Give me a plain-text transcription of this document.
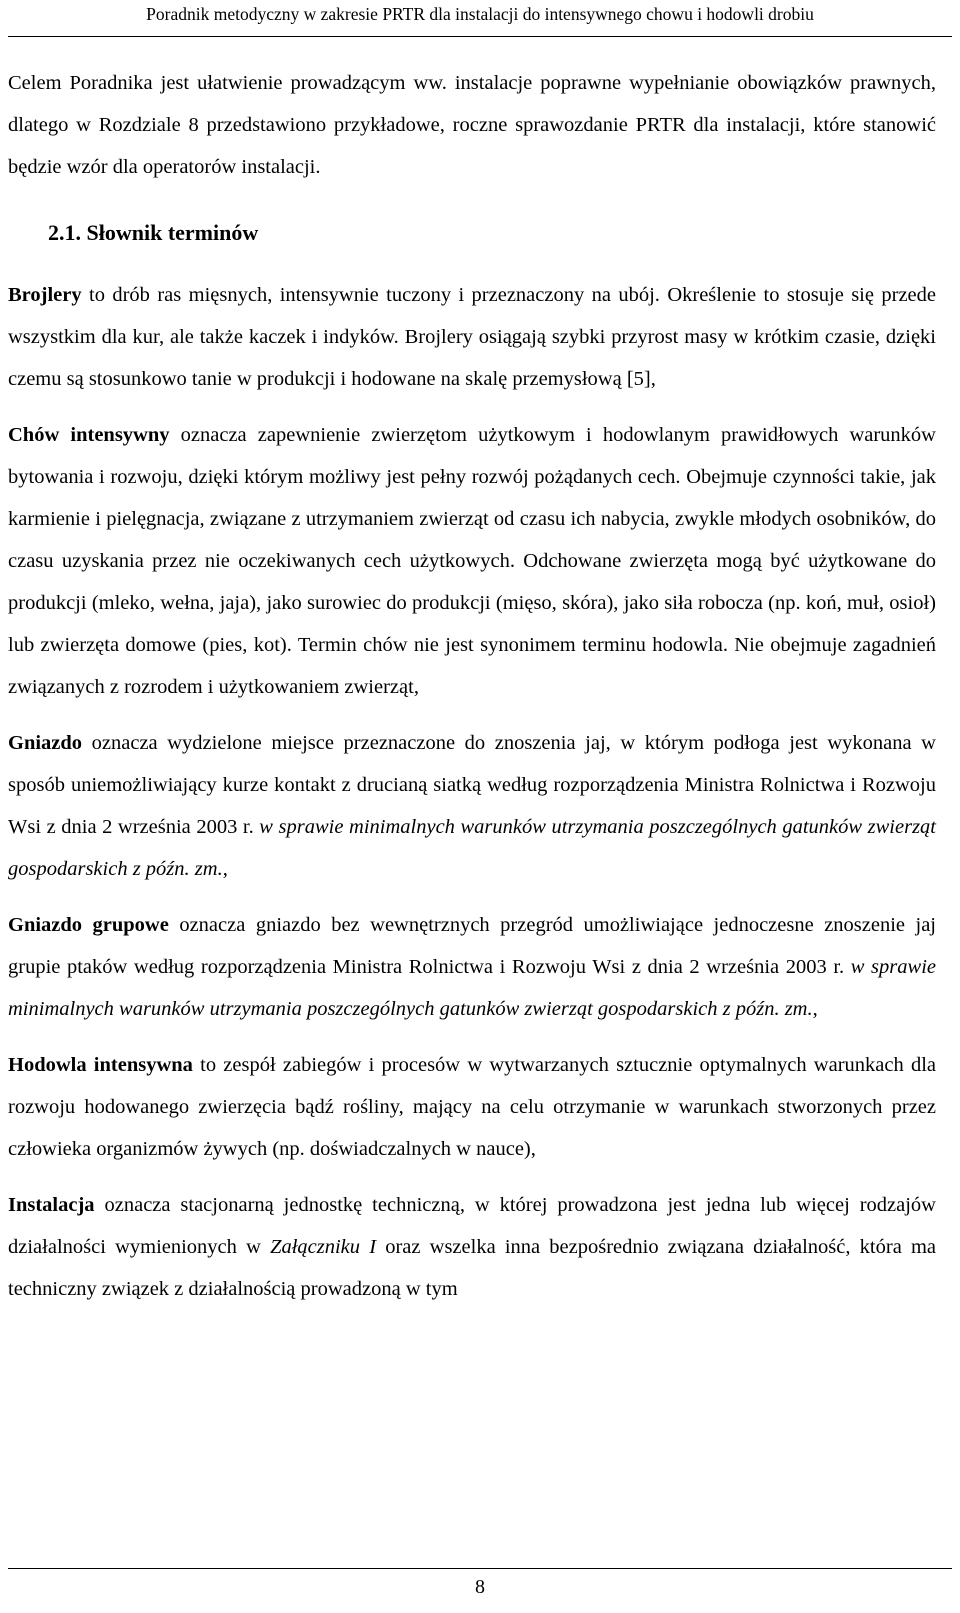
Poradnik metodyczny w zakresie PRTR dla instalacji do intensywnego chowu i hodowli drobiu

Celem Poradnika jest ułatwienie prowadzącym ww. instalacje poprawne wypełnianie obowiązków prawnych, dlatego w Rozdziale 8 przedstawiono przykładowe, roczne sprawozdanie PRTR dla instalacji, które stanowić będzie wzór dla operatorów instalacji.

2.1. Słownik terminów

Brojlery to drób ras mięsnych, intensywnie tuczony i przeznaczony na ubój. Określenie to stosuje się przede wszystkim dla kur, ale także kaczek i indyków. Brojlery osiągają szybki przyrost masy w krótkim czasie, dzięki czemu są stosunkowo tanie w produkcji i hodowane na skalę przemysłową [5],

Chów intensywny oznacza zapewnienie zwierzętom użytkowym i hodowlanym prawidłowych warunków bytowania i rozwoju, dzięki którym możliwy jest pełny rozwój pożądanych cech. Obejmuje czynności takie, jak karmienie i pielęgnacja, związane z utrzymaniem zwierząt od czasu ich nabycia, zwykle młodych osobników, do czasu uzyskania przez nie oczekiwanych cech użytkowych. Odchowane zwierzęta mogą być użytkowane do produkcji (mleko, wełna, jaja), jako surowiec do produkcji (mięso, skóra), jako siła robocza (np. koń, muł, osioł) lub zwierzęta domowe (pies, kot). Termin chów nie jest synonimem terminu hodowla. Nie obejmuje zagadnień związanych z rozrodem i użytkowaniem zwierząt,

Gniazdo oznacza wydzielone miejsce przeznaczone do znoszenia jaj, w którym podłoga jest wykonana w sposób uniemożliwiający kurze kontakt z drucianą siatką według rozporządzenia Ministra Rolnictwa i Rozwoju Wsi z dnia 2 września 2003 r. w sprawie minimalnych warunków utrzymania poszczególnych gatunków zwierząt gospodarskich z późn. zm.,

Gniazdo grupowe oznacza gniazdo bez wewnętrznych przegród umożliwiające jednoczesne znoszenie jaj grupie ptaków według rozporządzenia Ministra Rolnictwa i Rozwoju Wsi z dnia 2 września 2003 r. w sprawie minimalnych warunków utrzymania poszczególnych gatunków zwierząt gospodarskich z późn. zm.,

Hodowla intensywna to zespół zabiegów i procesów w wytwarzanych sztucznie optymalnych warunkach dla rozwoju hodowanego zwierzęcia bądź rośliny, mający na celu otrzymanie w warunkach stworzonych przez człowieka organizmów żywych (np. doświadczalnych w nauce),

Instalacja oznacza stacjonarną jednostkę techniczną, w której prowadzona jest jedna lub więcej rodzajów działalności wymienionych w Załączniku I oraz wszelka inna bezpośrednio związana działalność, która ma techniczny związek z działalnością prowadzoną w tym

8
